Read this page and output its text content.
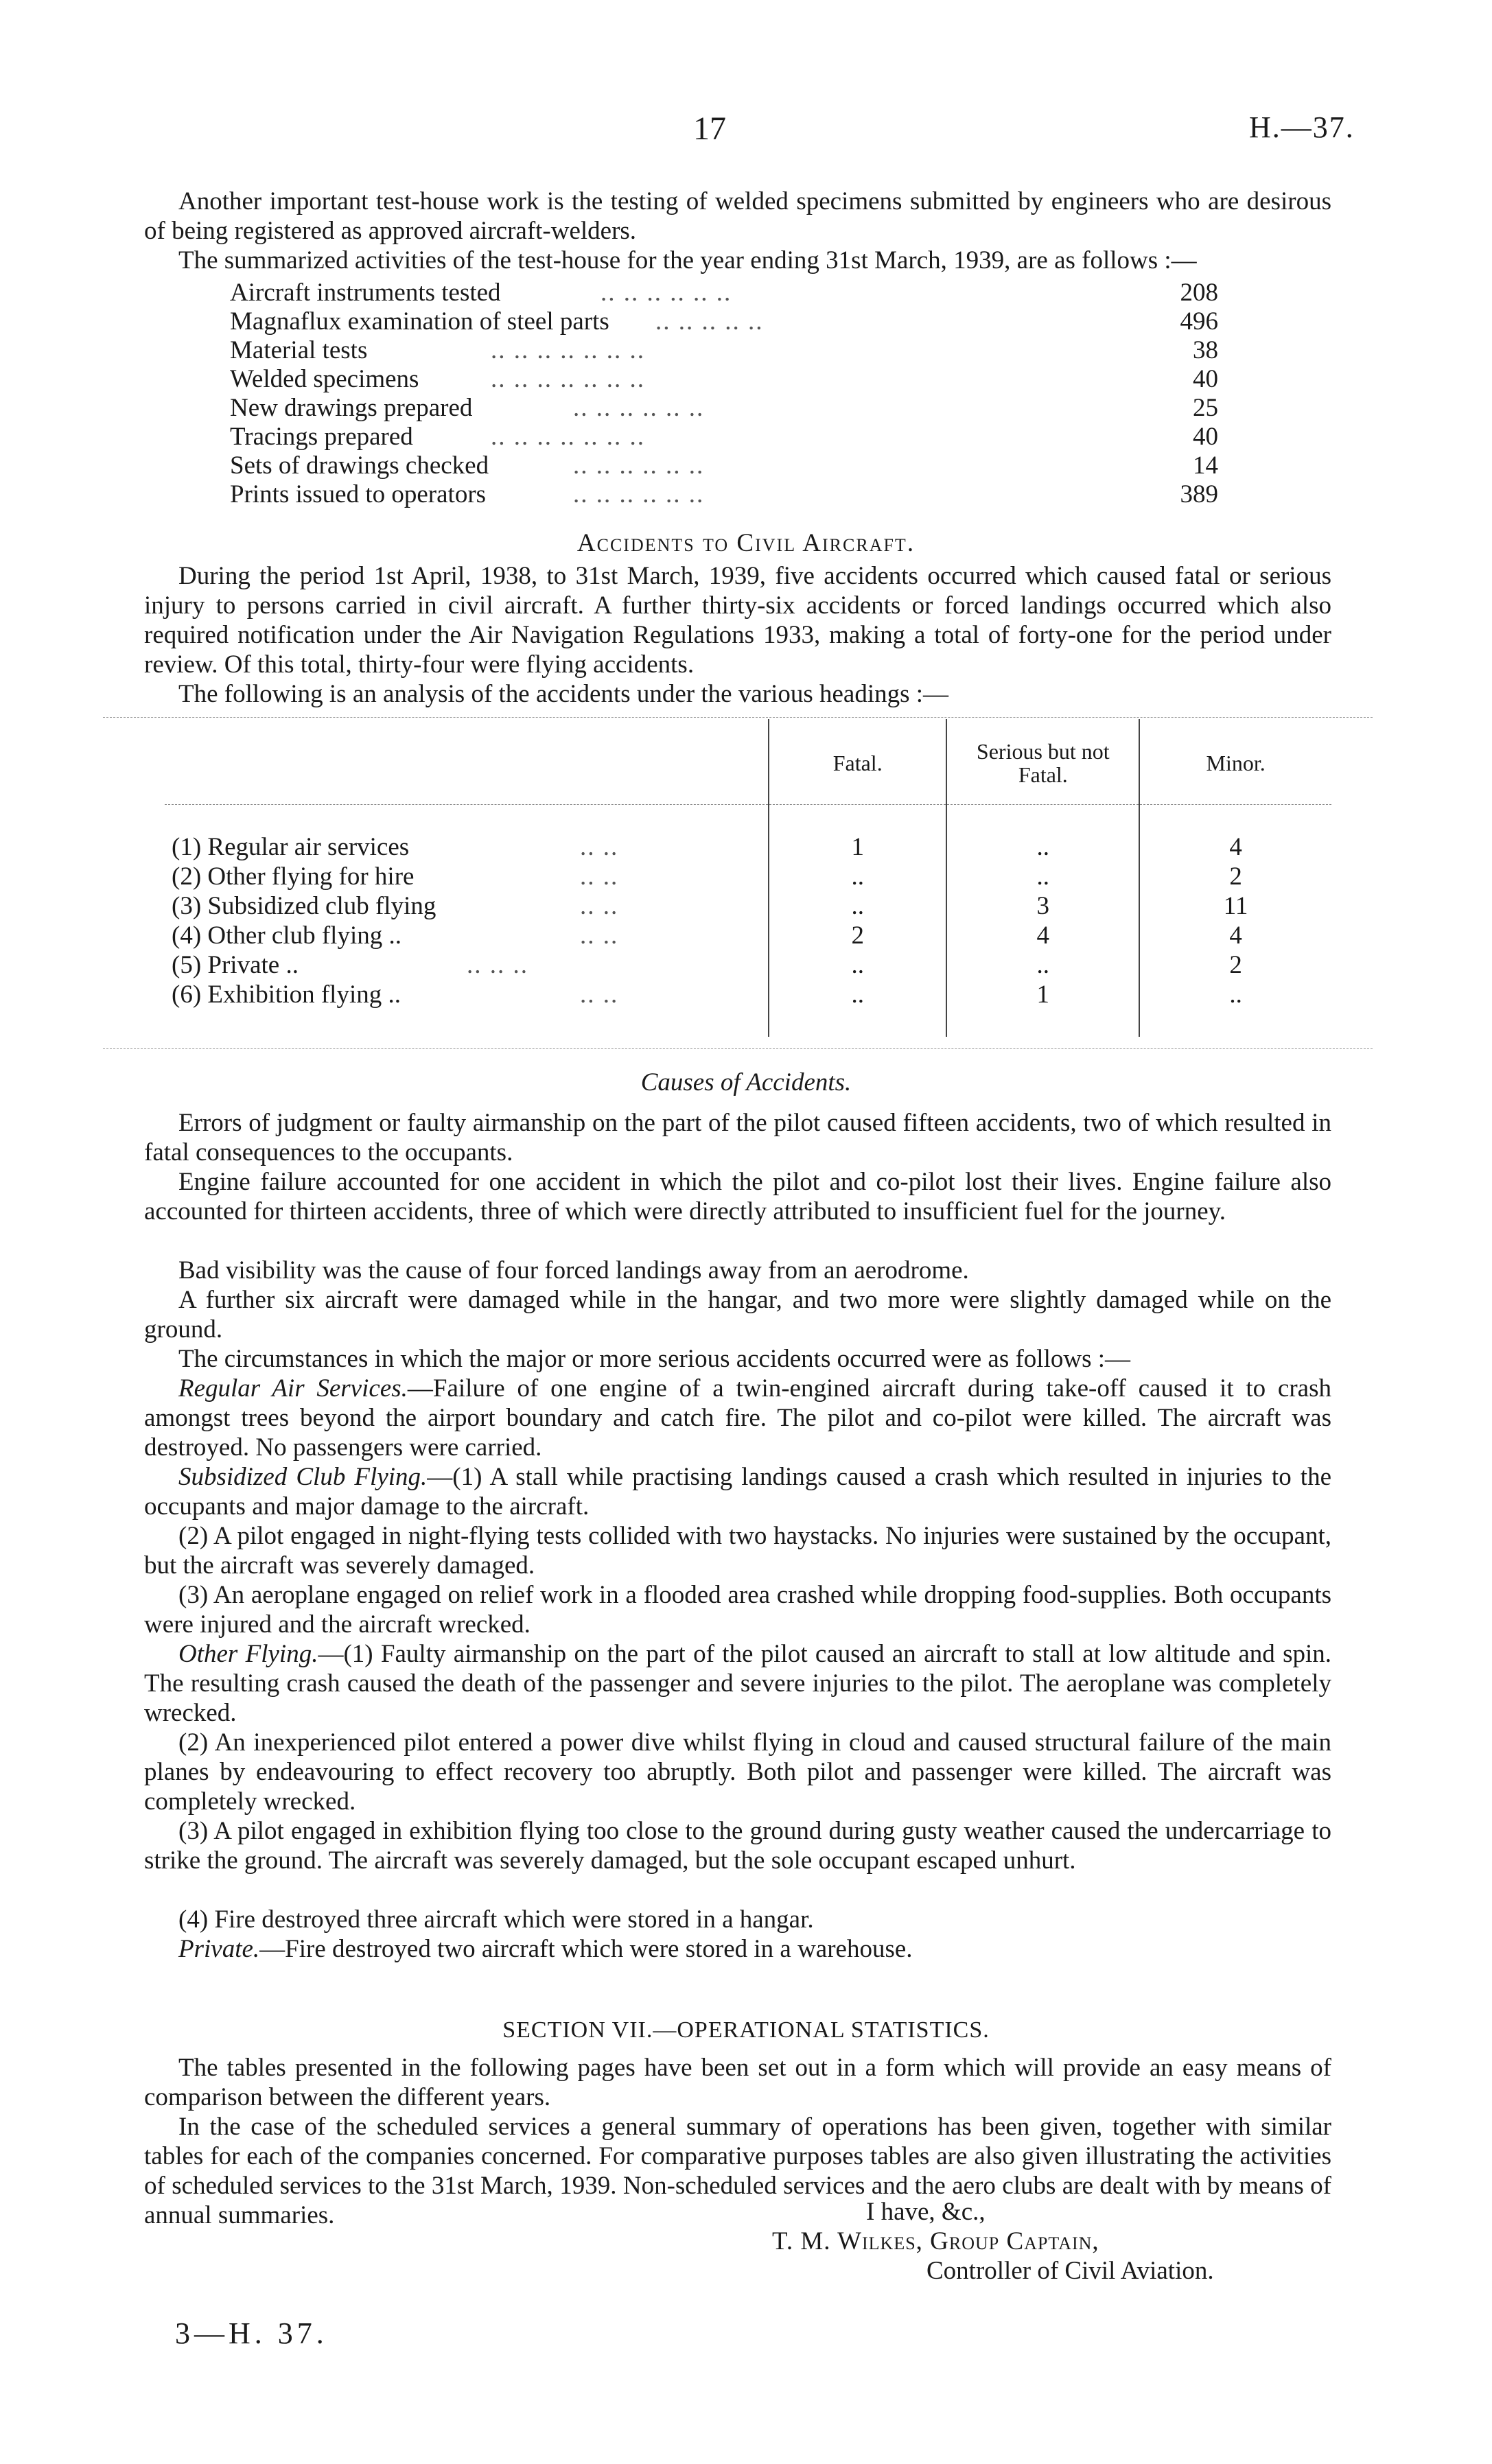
17	H.—37.

Another important test-house work is the testing of welded specimens submitted by engineers who are desirous of being registered as approved aircraft-welders.

The summarized activities of the test-house for the year ending 31st March, 1939, are as follows :—

Aircraft instruments tested	.. .. .. .. .. ..	208
Magnaflux examination of steel parts .. .. .. .. ..	496
Material tests	.. .. .. .. .. .. ..	38
Welded specimens	.. .. .. .. .. .. ..	40
New drawings prepared	.. .. .. .. .. ..	25
Tracings prepared	.. .. .. .. .. .. ..	40
Sets of drawings checked	.. .. .. .. .. ..	14
Prints issued to operators	.. .. .. .. .. ..	389
Accidents to Civil Aircraft.

During the period 1st April, 1938, to 31st March, 1939, five accidents occurred which caused fatal or serious injury to persons carried in civil aircraft. A further thirty-six accidents or forced landings occurred which also required notification under the Air Navigation Regulations 1933, making a total of forty-one for the period under review. Of this total, thirty-four were flying accidents.

The following is an analysis of the accidents under the various headings :—

	Fatal.	Serious but not Fatal.	Minor.

(1) Regular air services .. ..	1	..	4
(2) Other flying for hire .. ..	..	..	2
(3) Subsidized club flying .. ..	..	3	11
(4) Other club flying .. .. ..	2	4	4
(5) Private .. .. .. ..	..	..	2
(6) Exhibition flying .. .. ..	..	1	..

Causes of Accidents.

Errors of judgment or faulty airmanship on the part of the pilot caused fifteen accidents, two of which resulted in fatal consequences to the occupants.

Engine failure accounted for one accident in which the pilot and co-pilot lost their lives. Engine failure also accounted for thirteen accidents, three of which were directly attributed to insufficient fuel for the journey.

Bad visibility was the cause of four forced landings away from an aerodrome.

A further six aircraft were damaged while in the hangar, and two more were slightly damaged while on the ground.

The circumstances in which the major or more serious accidents occurred were as follows :—

Regular Air Services.—Failure of one engine of a twin-engined aircraft during take-off caused it to crash amongst trees beyond the airport boundary and catch fire. The pilot and co-pilot were killed. The aircraft was destroyed. No passengers were carried.

Subsidized Club Flying.—(1) A stall while practising landings caused a crash which resulted in injuries to the occupants and major damage to the aircraft.

(2) A pilot engaged in night-flying tests collided with two haystacks. No injuries were sustained by the occupant, but the aircraft was severely damaged.

(3) An aeroplane engaged on relief work in a flooded area crashed while dropping food-supplies. Both occupants were injured and the aircraft wrecked.

Other Flying.—(1) Faulty airmanship on the part of the pilot caused an aircraft to stall at low altitude and spin. The resulting crash caused the death of the passenger and severe injuries to the pilot. The aeroplane was completely wrecked.

(2) An inexperienced pilot entered a power dive whilst flying in cloud and caused structural failure of the main planes by endeavouring to effect recovery too abruptly. Both pilot and passenger were killed. The aircraft was completely wrecked.

(3) A pilot engaged in exhibition flying too close to the ground during gusty weather caused the undercarriage to strike the ground. The aircraft was severely damaged, but the sole occupant escaped unhurt.

(4) Fire destroyed three aircraft which were stored in a hangar.

Private.—Fire destroyed two aircraft which were stored in a warehouse.

SECTION VII.—OPERATIONAL STATISTICS.

The tables presented in the following pages have been set out in a form which will provide an easy means of comparison between the different years.

In the case of the scheduled services a general summary of operations has been given, together with similar tables for each of the companies concerned. For comparative purposes tables are also given illustrating the activities of scheduled services to the 31st March, 1939. Non-scheduled services and the aero clubs are dealt with by means of annual summaries.	I have, &c.,
T. M. Wilkes, Group Captain,
Controller of Civil Aviation.
3—H. 37.
